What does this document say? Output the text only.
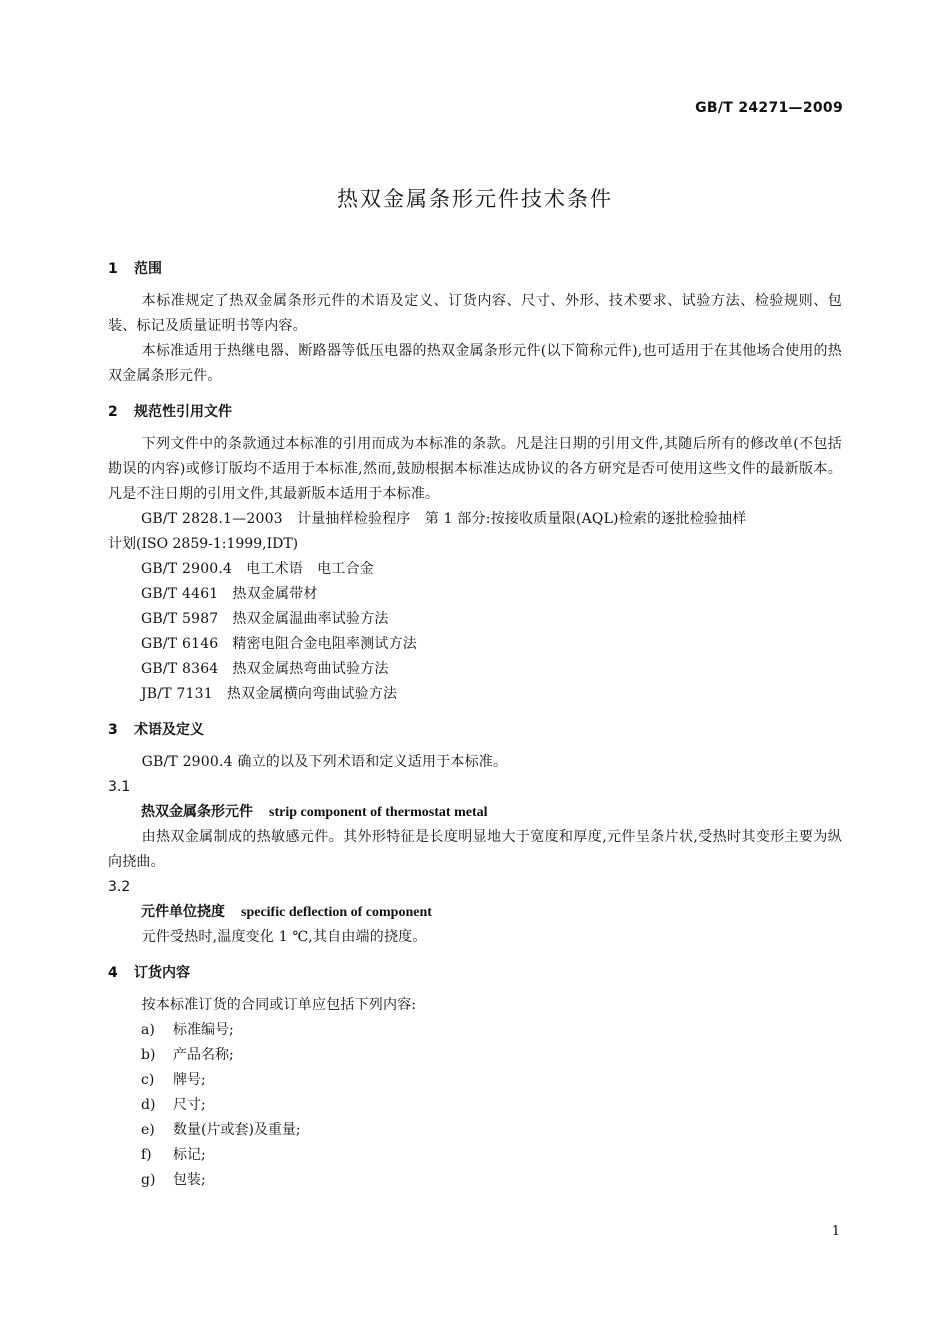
GB/T 24271—2009
热双金属条形元件技术条件
1 范围
本标准规定了热双金属条形元件的术语及定义、订货内容、尺寸、外形、技术要求、试验方法、检验规则、包装、标记及质量证明书等内容。
本标准适用于热继电器、断路器等低压电器的热双金属条形元件(以下简称元件),也可适用于在其他场合使用的热双金属条形元件。
2 规范性引用文件
下列文件中的条款通过本标准的引用而成为本标准的条款。凡是注日期的引用文件,其随后所有的修改单(不包括勘误的内容)或修订版均不适用于本标准,然而,鼓励根据本标准达成协议的各方研究是否可使用这些文件的最新版本。凡是不注日期的引用文件,其最新版本适用于本标准。
GB/T 2828.1—2003　计量抽样检验程序　第 1 部分:按接收质量限(AQL)检索的逐批检验抽样
计划(ISO 2859-1:1999,IDT)
GB/T 2900.4 电工术语　电工合金
GB/T 4461 热双金属带材
GB/T 5987 热双金属温曲率试验方法
GB/T 6146 精密电阻合金电阻率测试方法
GB/T 8364 热双金属热弯曲试验方法
JB/T 7131 热双金属横向弯曲试验方法
3 术语及定义
GB/T 2900.4 确立的以及下列术语和定义适用于本标准。
3.1
热双金属条形元件 strip component of thermostat metal
由热双金属制成的热敏感元件。其外形特征是长度明显地大于宽度和厚度,元件呈条片状,受热时其变形主要为纵向挠曲。
3.2
元件单位挠度 specific deflection of component
元件受热时,温度变化 1 ℃,其自由端的挠度。
4 订货内容
按本标准订货的合同或订单应包括下列内容:
a) 标准编号;
b) 产品名称;
c) 牌号;
d) 尺寸;
e) 数量(片或套)及重量;
f) 标记;
g) 包装;
1
